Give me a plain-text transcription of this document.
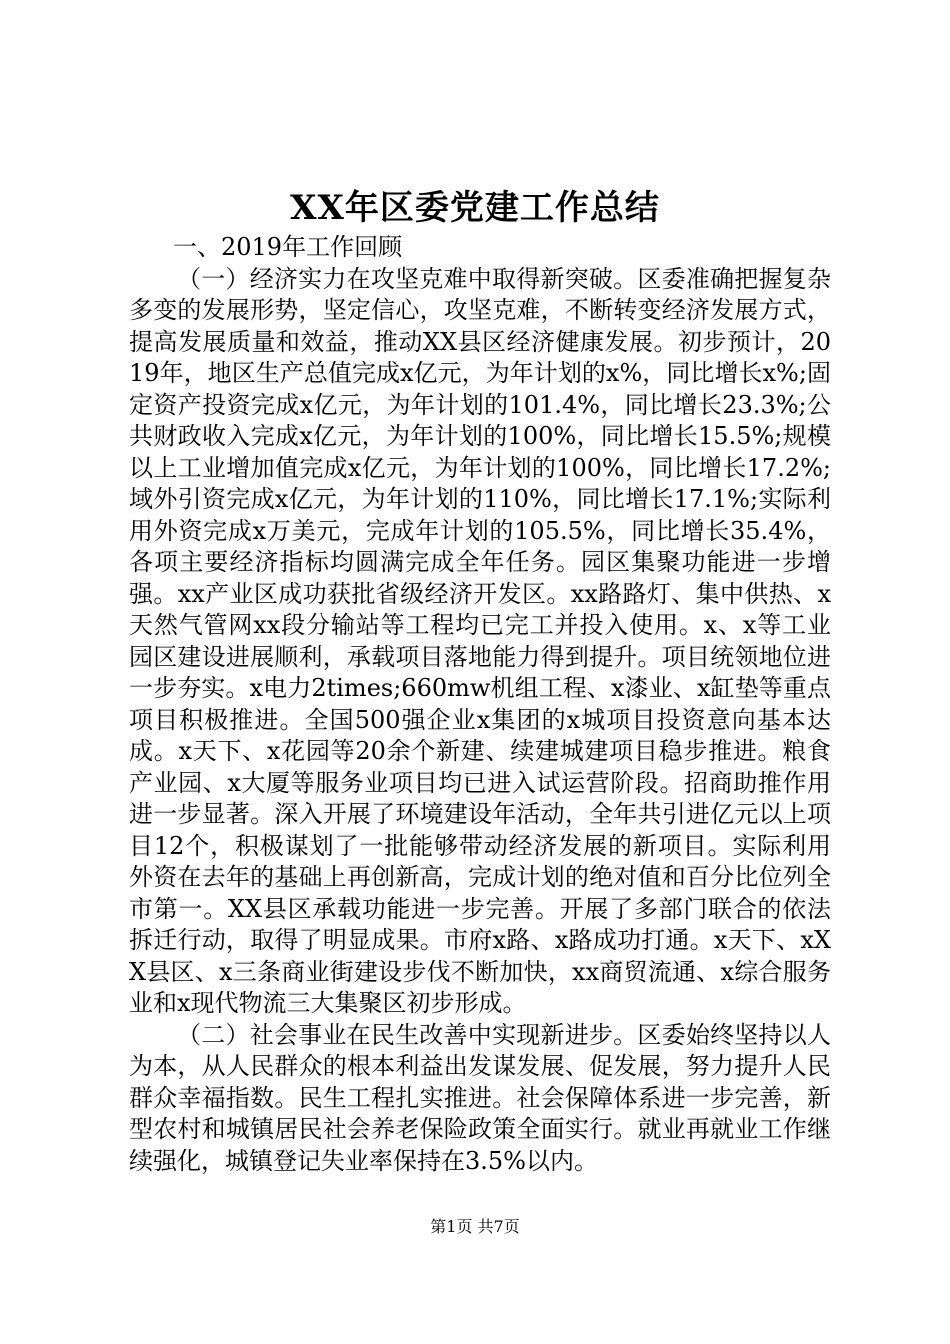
XX年区委党建工作总结

一、2019年工作回顾

（一）经济实力在攻坚克难中取得新突破。区委准确把握复杂多变的发展形势，坚定信心，攻坚克难，不断转变经济发展方式，提高发展质量和效益，推动XX县区经济健康发展。初步预计，2019年，地区生产总值完成x亿元，为年计划的x%，同比增长x%;固定资产投资完成x亿元，为年计划的101.4%，同比增长23.3%;公共财政收入完成x亿元，为年计划的100%，同比增长15.5%;规模以上工业增加值完成x亿元，为年计划的100%，同比增长17.2%;域外引资完成x亿元，为年计划的110%，同比增长17.1%;实际利用外资完成x万美元，完成年计划的105.5%，同比增长35.4%，各项主要经济指标均圆满完成全年任务。园区集聚功能进一步增强。xx产业区成功获批省级经济开发区。xx路路灯、集中供热、x天然气管网xx段分输站等工程均已完工并投入使用。x、x等工业园区建设进展顺利，承载项目落地能力得到提升。项目统领地位进一步夯实。x电力2times;660mw机组工程、x漆业、x缸垫等重点项目积极推进。全国500强企业x集团的x城项目投资意向基本达成。x天下、x花园等20余个新建、续建城建项目稳步推进。粮食产业园、x大厦等服务业项目均已进入试运营阶段。招商助推作用进一步显著。深入开展了环境建设年活动，全年共引进亿元以上项目12个，积极谋划了一批能够带动经济发展的新项目。实际利用外资在去年的基础上再创新高，完成计划的绝对值和百分比位列全市第一。XX县区承载功能进一步完善。开展了多部门联合的依法拆迁行动，取得了明显成果。市府x路、x路成功打通。x天下、xXX县区、x三条商业街建设步伐不断加快，xx商贸流通、x综合服务业和x现代物流三大集聚区初步形成。

（二）社会事业在民生改善中实现新进步。区委始终坚持以人为本，从人民群众的根本利益出发谋发展、促发展，努力提升人民群众幸福指数。民生工程扎实推进。社会保障体系进一步完善，新型农村和城镇居民社会养老保险政策全面实行。就业再就业工作继续强化，城镇登记失业率保持在3.5%以内。

第1页 共7页
